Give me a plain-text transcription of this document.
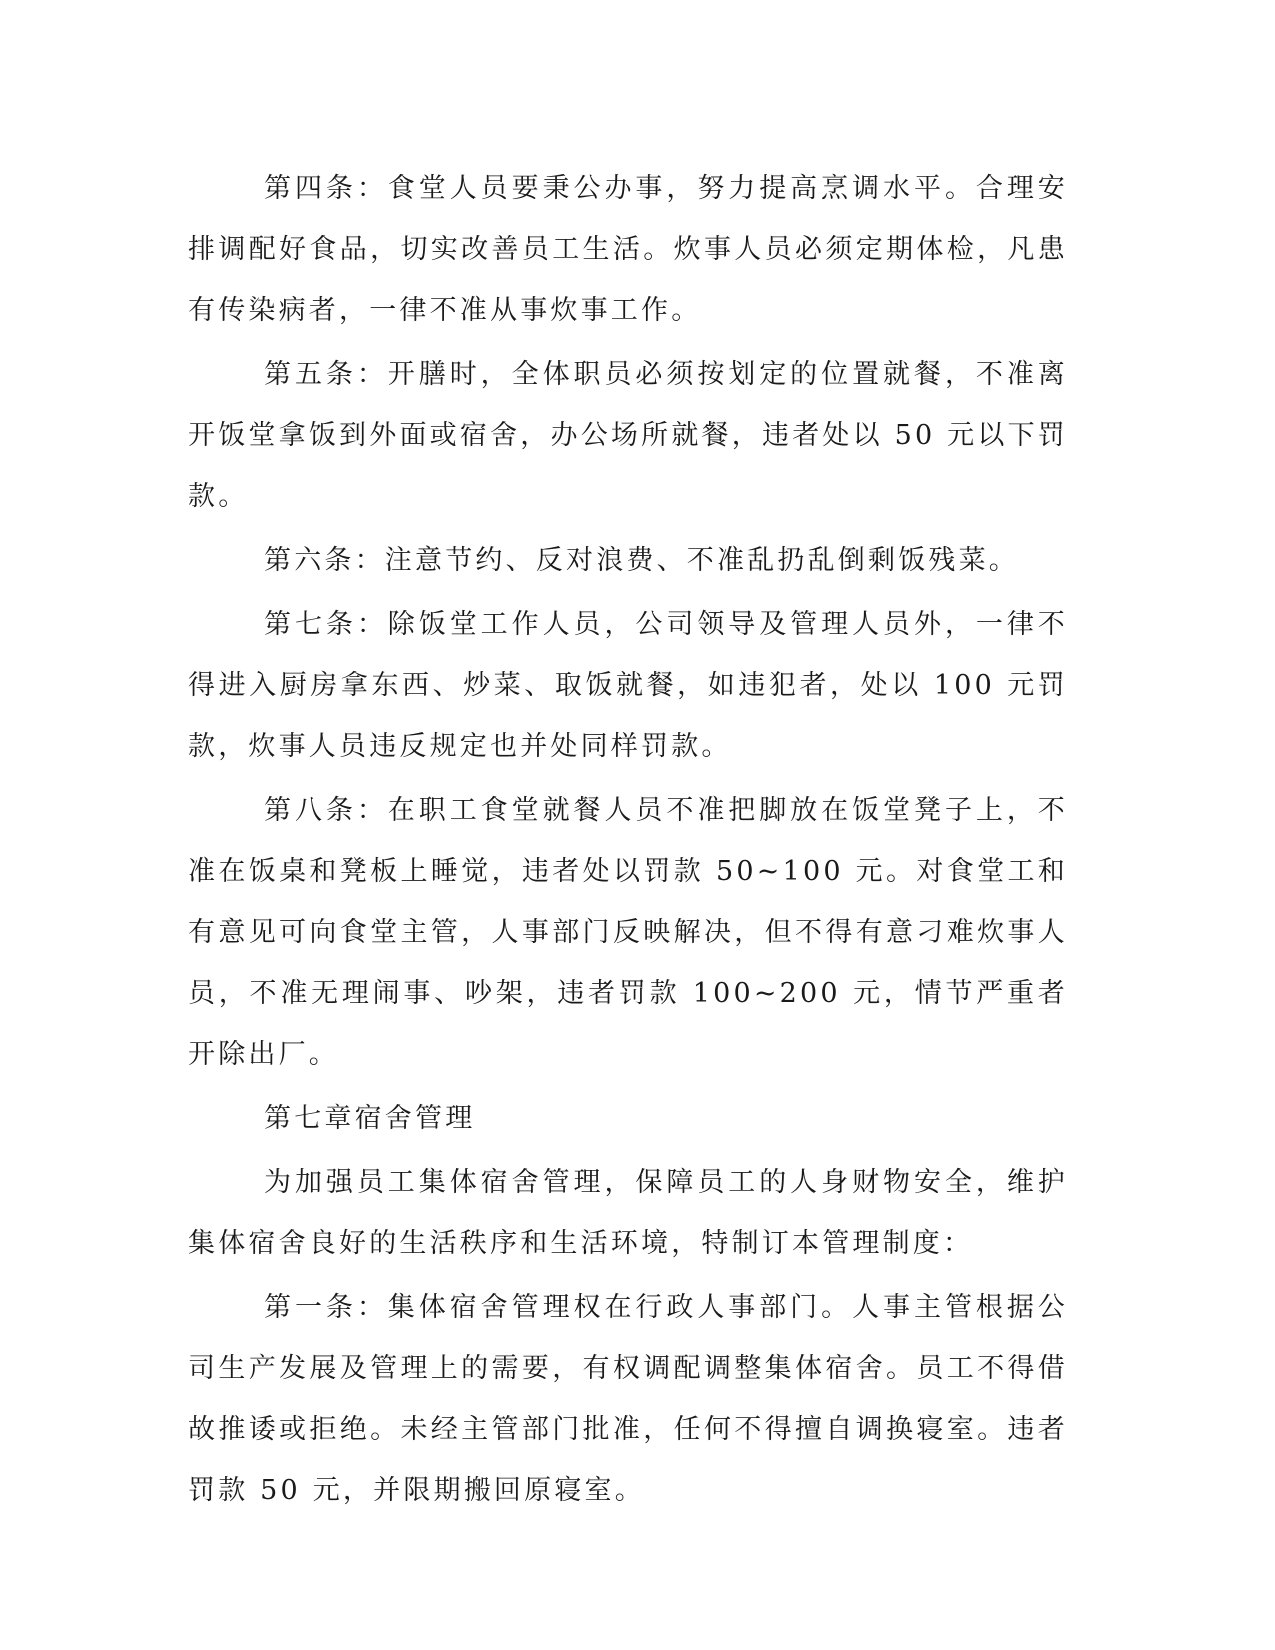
第四条：食堂人员要秉公办事，努力提高烹调水平。合理安排调配好食品，切实改善员工生活。炊事人员必须定期体检，凡患有传染病者，一律不准从事炊事工作。

第五条：开膳时，全体职员必须按划定的位置就餐，不准离开饭堂拿饭到外面或宿舍，办公场所就餐，违者处以 50 元以下罚款。

第六条：注意节约、反对浪费、不准乱扔乱倒剩饭残菜。

第七条：除饭堂工作人员，公司领导及管理人员外，一律不得进入厨房拿东西、炒菜、取饭就餐，如违犯者，处以 100 元罚款，炊事人员违反规定也并处同样罚款。

第八条：在职工食堂就餐人员不准把脚放在饭堂凳子上，不准在饭桌和凳板上睡觉，违者处以罚款 50~100 元。对食堂工和有意见可向食堂主管，人事部门反映解决，但不得有意刁难炊事人员，不准无理闹事、吵架，违者罚款 100~200 元，情节严重者开除出厂。

第七章宿舍管理

为加强员工集体宿舍管理，保障员工的人身财物安全，维护集体宿舍良好的生活秩序和生活环境，特制订本管理制度：

第一条：集体宿舍管理权在行政人事部门。人事主管根据公司生产发展及管理上的需要，有权调配调整集体宿舍。员工不得借故推诿或拒绝。未经主管部门批准，任何不得擅自调换寝室。违者罚款 50 元，并限期搬回原寝室。
